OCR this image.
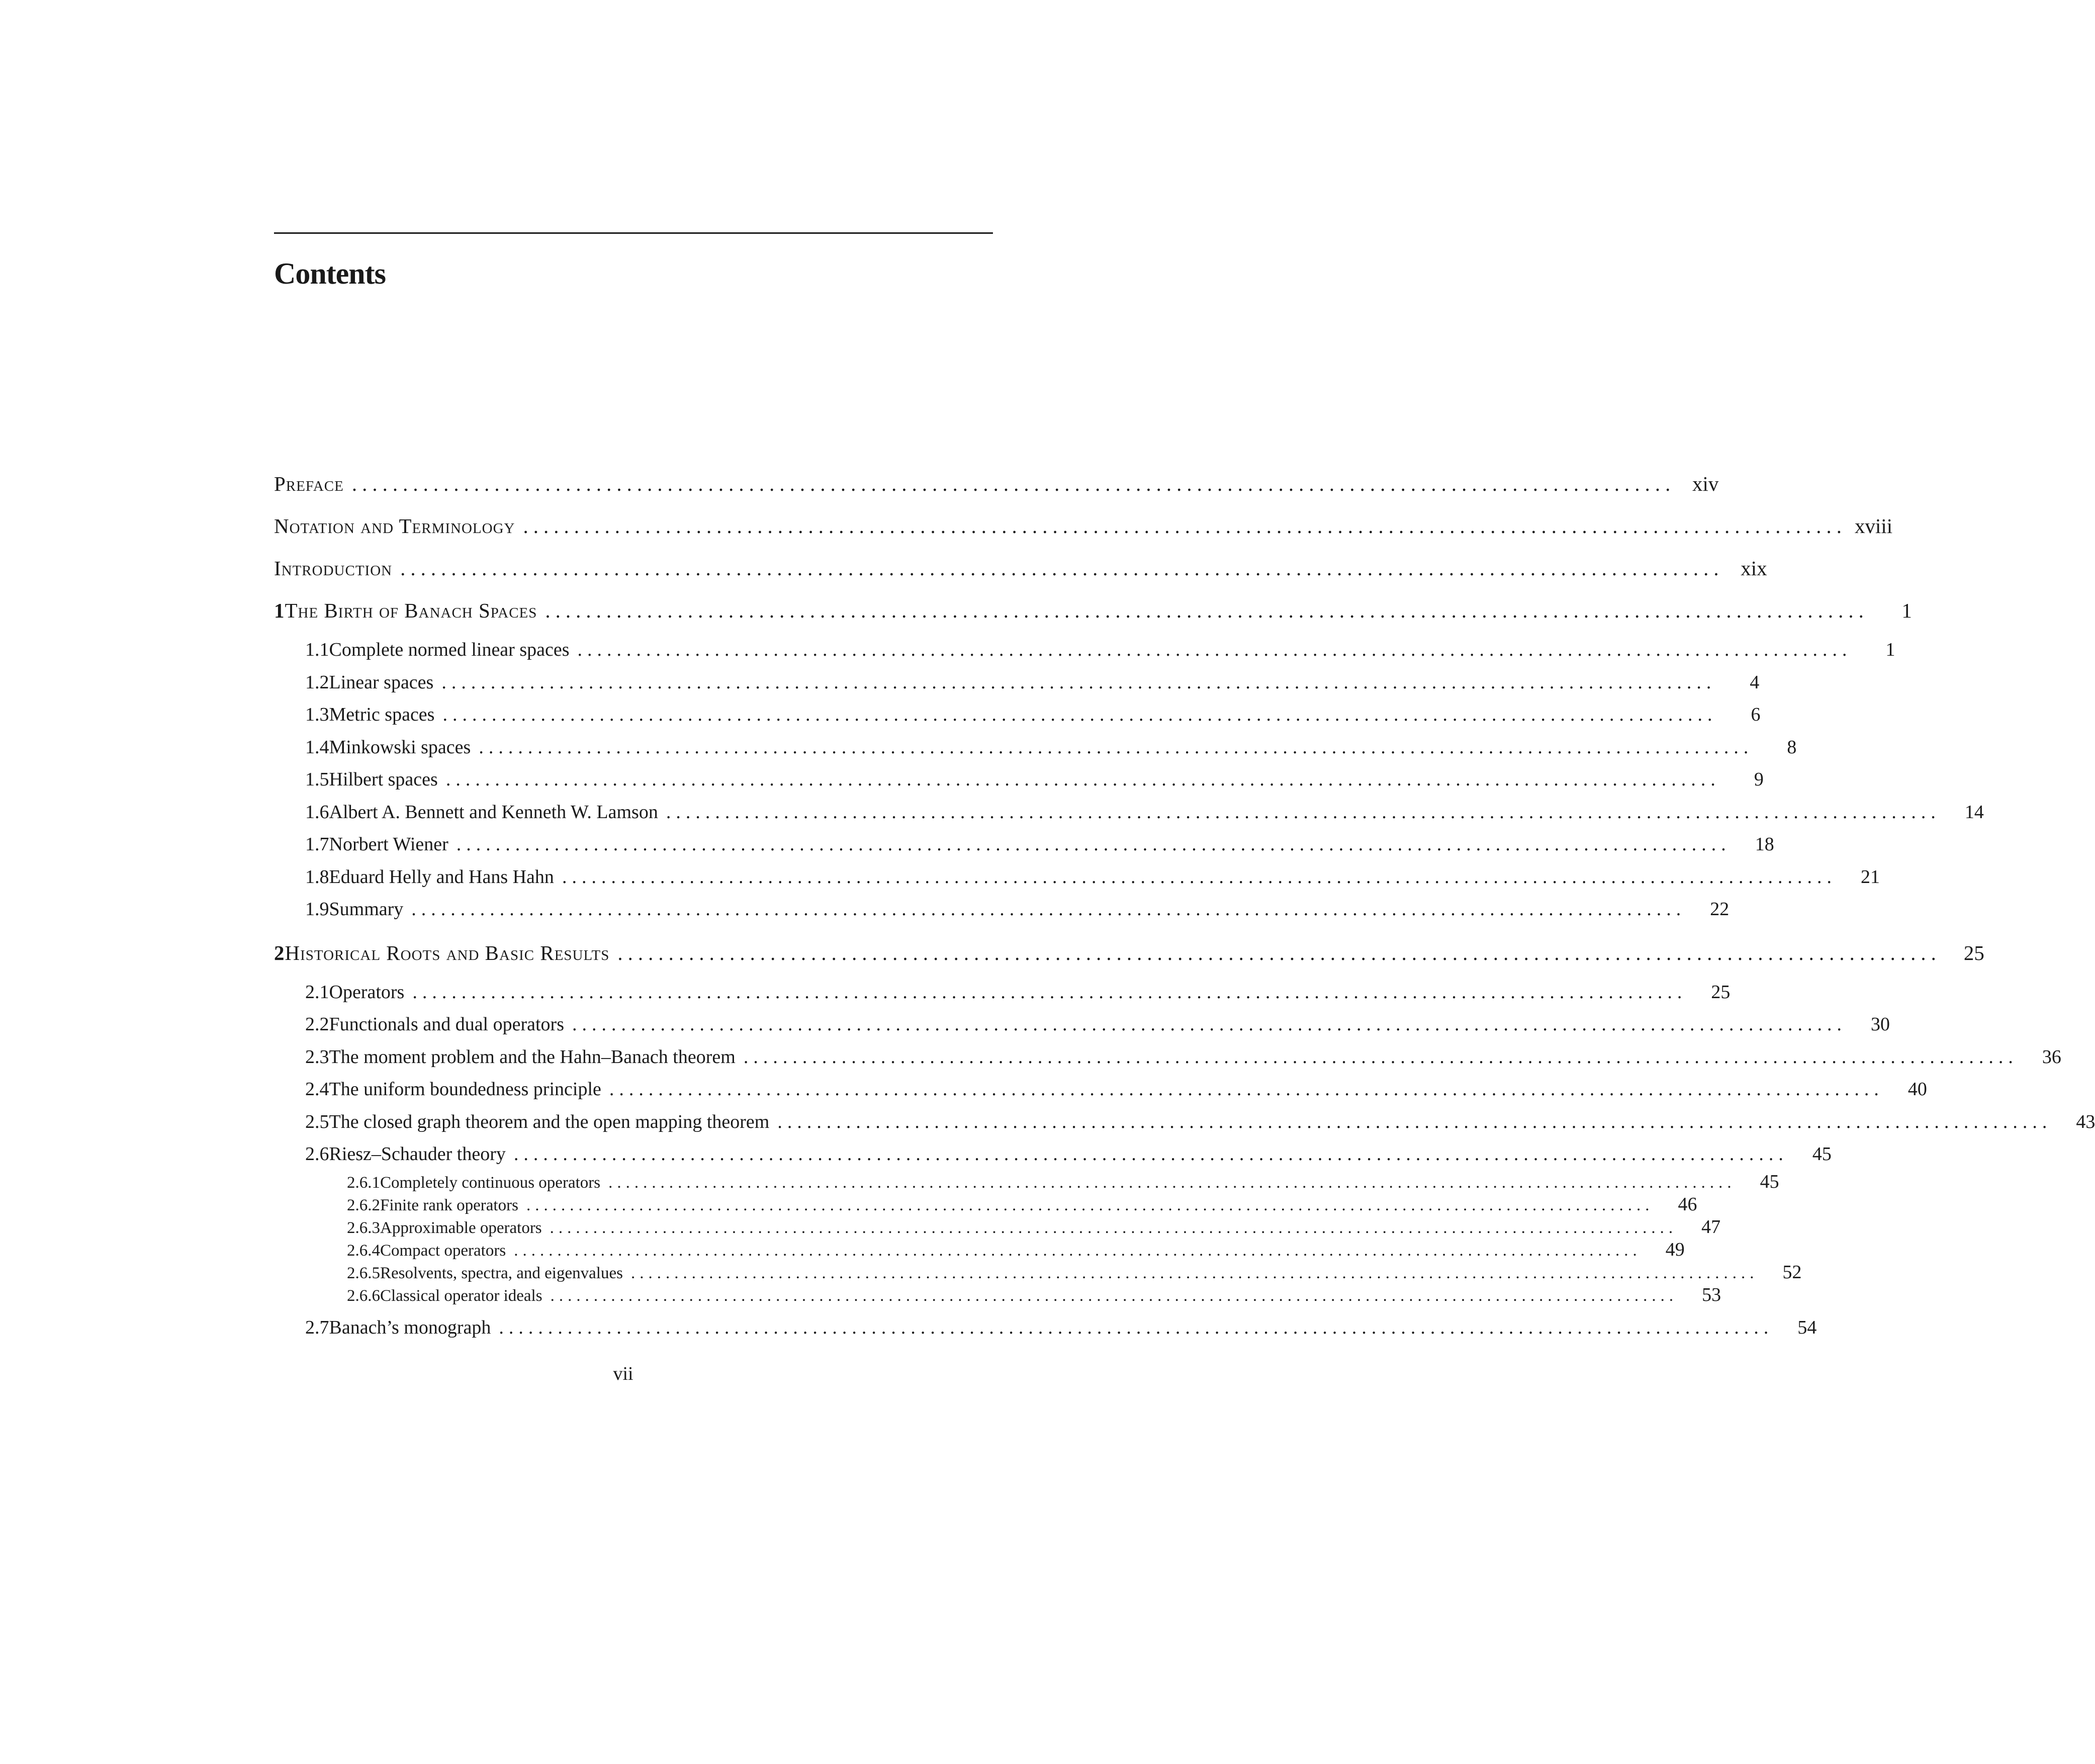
Contents
Preface .................................................................................................................................. xiv
Notation and Terminology .................................................................................................................................. xviii
Introduction .................................................................................................................................. xix
1 The Birth of Banach Spaces ..................................................................................................................................	1
1.1 Complete normed linear spaces ..................................................................................................................................	1
1.2 Linear spaces ..................................................................................................................................	4
1.3 Metric spaces ..................................................................................................................................	6
1.4 Minkowski spaces ..................................................................................................................................	8
1.5 Hilbert spaces ..................................................................................................................................	9
1.6 Albert A. Bennett and Kenneth W. Lamson ..................................................................................................................................	14
1.7 Norbert Wiener ..................................................................................................................................	18
1.8 Eduard Helly and Hans Hahn ..................................................................................................................................	21
1.9 Summary ..................................................................................................................................	22
2 Historical Roots and Basic Results ..................................................................................................................................	25
2.1 Operators ..................................................................................................................................	25
2.2 Functionals and dual operators ..................................................................................................................................	30
2.3 The moment problem and the Hahn–Banach theorem ..................................................................................................................................	36
2.4 The uniform boundedness principle ..................................................................................................................................	40
2.5 The closed graph theorem and the open mapping theorem ..................................................................................................................................	43
2.6 Riesz–Schauder theory ..................................................................................................................................	45
2.6.1 Completely continuous operators ..................................................................................................................................	45
2.6.2 Finite rank operators ..................................................................................................................................	46
2.6.3 Approximable operators ..................................................................................................................................	47
2.6.4 Compact operators ..................................................................................................................................	49
2.6.5 Resolvents, spectra, and eigenvalues ..................................................................................................................................	52
2.6.6 Classical operator ideals ..................................................................................................................................	53
2.7 Banach’s monograph ..................................................................................................................................	54
vii
